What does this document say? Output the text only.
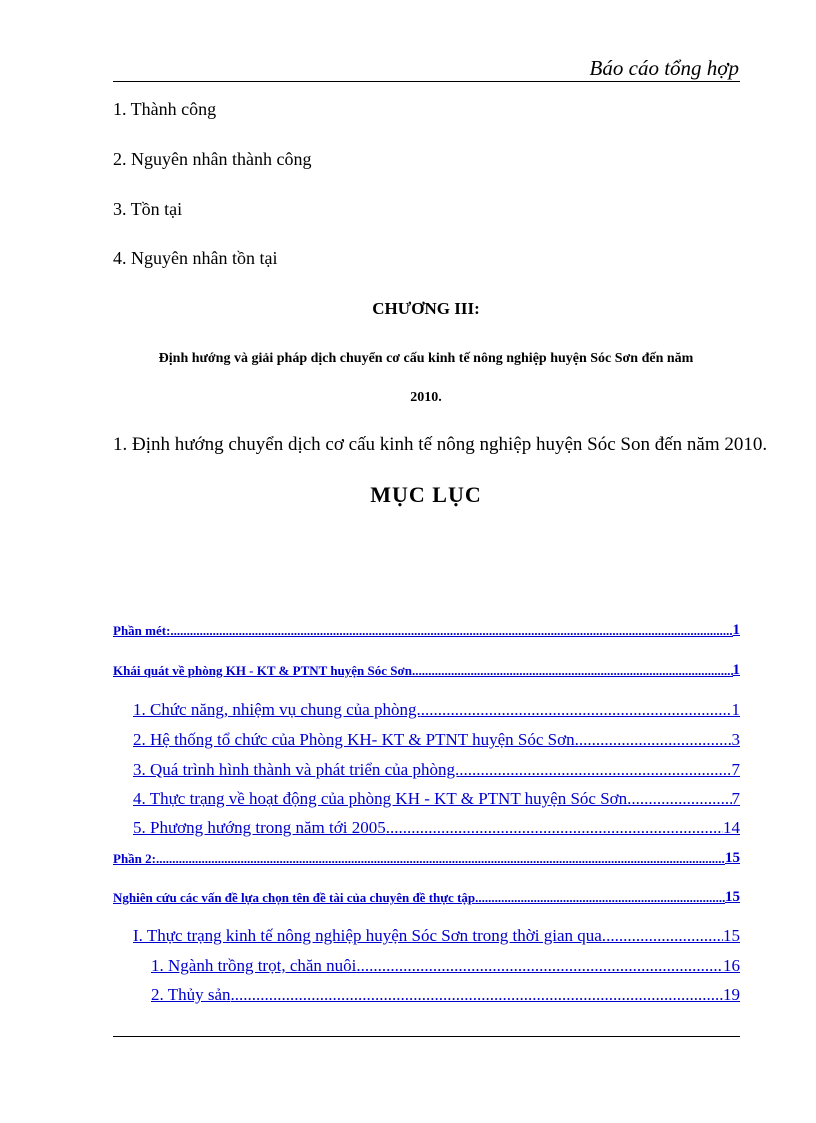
Báo cáo tổng hợp
1. Thành công
2. Nguyên nhân thành công
3. Tồn tại
4. Nguyên nhân tồn tại
CHƯƠNG III:
Định hướng và giải pháp dịch chuyển cơ cấu kinh tế nông nghiệp huyện Sóc Sơn đến năm
2010.
1. Định hướng chuyển dịch cơ cấu kinh tế nông nghiệp huyện Sóc Son đến năm 2010.
MỤC LỤC
Phần mét: .....	1
Khái quát về phòng KH - KT & PTNT huyện Sóc Sơn .....	1
1. Chức năng, nhiệm vụ chung của phòng. .....	1
2. Hệ thống tổ chức của Phòng KH- KT & PTNT huyện Sóc Sơn. .....	3
3. Quá trình hình thành và phát triển của phòng. .....	7
4. Thực trạng về hoạt động của phòng KH - KT & PTNT huyện Sóc Sơn. .....	7
5. Phương hướng trong năm tới 2005 .....	14
Phần 2: .....	15
Nghiên cứu các vấn đề lựa chọn tên đề tài của chuyên đề thực tập .....	15
I. Thực trạng kinh tế nông nghiệp huyện Sóc Sơn trong thời gian qua. .....	15
1. Ngành trồng trọt, chăn nuôi .....	16
2. Thủy sản .....	19
